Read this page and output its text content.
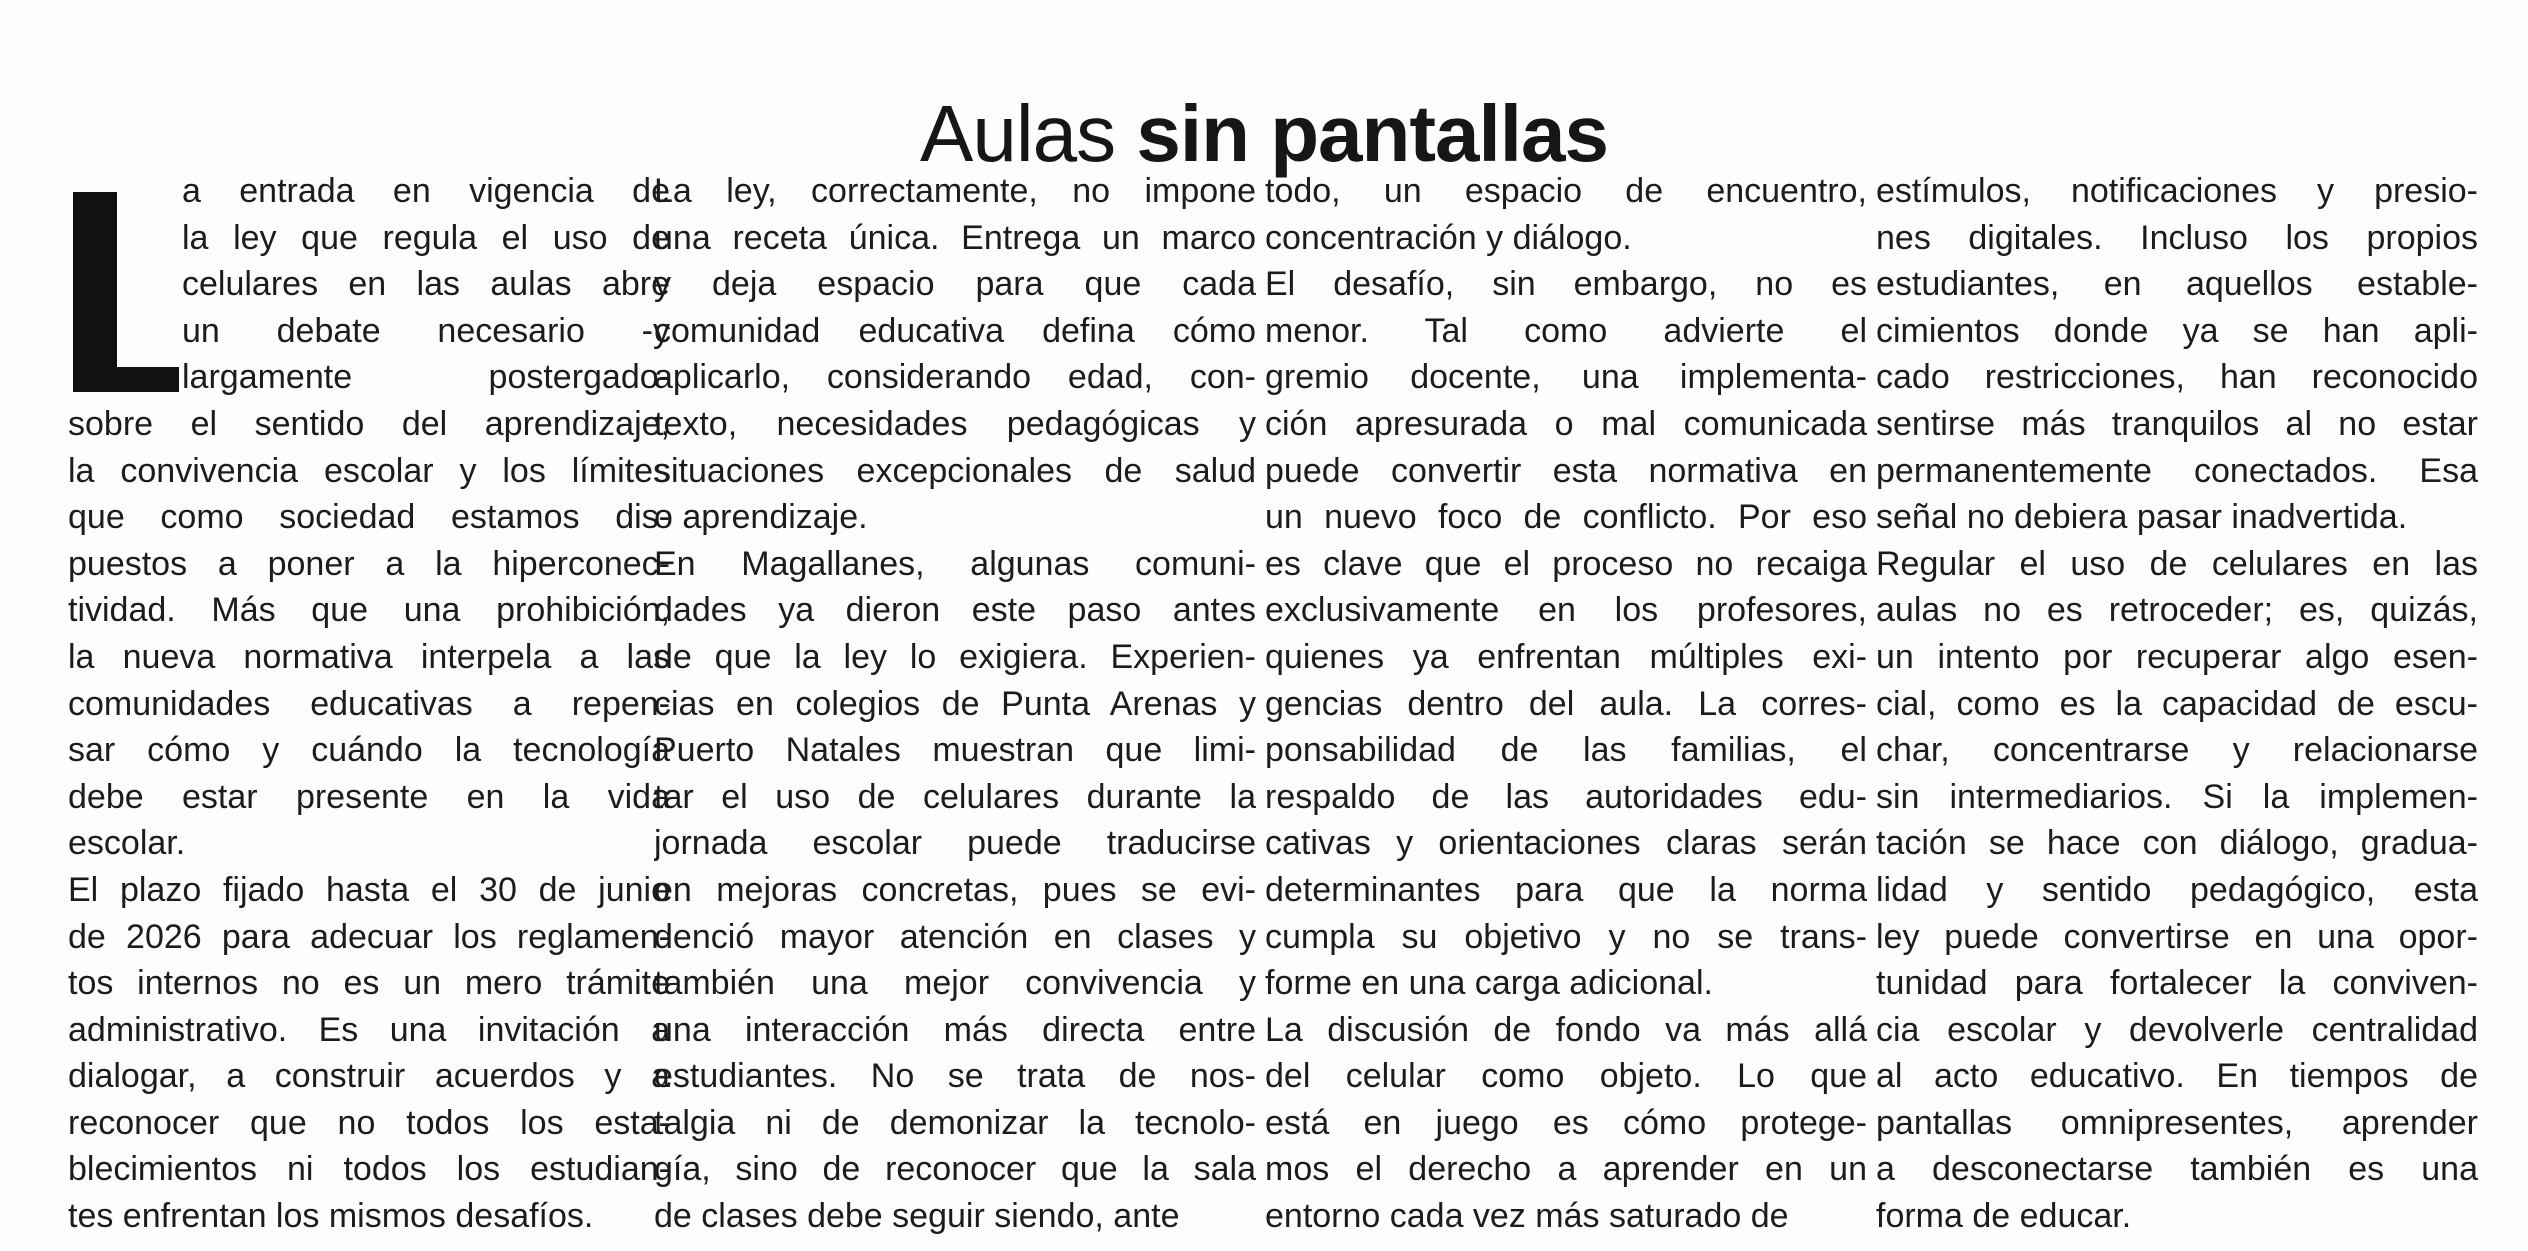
Aulas sin pantallas
a entrada en vigencia de
la ley que regula el uso de
celulares en las aulas abre
un debate necesario -y
largamente postergado-
sobre el sentido del aprendizaje,
la convivencia escolar y los límites
que como sociedad estamos dis-
puestos a poner a la hiperconec-
tividad. Más que una prohibición,
la nueva normativa interpela a las
comunidades educativas a repen-
sar cómo y cuándo la tecnología
debe estar presente en la vida
escolar.
El plazo fijado hasta el 30 de junio
de 2026 para adecuar los reglamen-
tos internos no es un mero trámite
administrativo. Es una invitación a
dialogar, a construir acuerdos y a
reconocer que no todos los esta-
blecimientos ni todos los estudian-
tes enfrentan los mismos desafíos.
La ley, correctamente, no impone
una receta única. Entrega un marco
y deja espacio para que cada
comunidad educativa defina cómo
aplicarlo, considerando edad, con-
texto, necesidades pedagógicas y
situaciones excepcionales de salud
o aprendizaje.
En Magallanes, algunas comuni-
dades ya dieron este paso antes
de que la ley lo exigiera. Experien-
cias en colegios de Punta Arenas y
Puerto Natales muestran que limi-
tar el uso de celulares durante la
jornada escolar puede traducirse
en mejoras concretas, pues se evi-
denció mayor atención en clases y
también una mejor convivencia y
una interacción más directa entre
estudiantes. No se trata de nos-
talgia ni de demonizar la tecnolo-
gía, sino de reconocer que la sala
de clases debe seguir siendo, ante
todo, un espacio de encuentro,
concentración y diálogo.
El desafío, sin embargo, no es
menor. Tal como advierte el
gremio docente, una implementa-
ción apresurada o mal comunicada
puede convertir esta normativa en
un nuevo foco de conflicto. Por eso
es clave que el proceso no recaiga
exclusivamente en los profesores,
quienes ya enfrentan múltiples exi-
gencias dentro del aula. La corres-
ponsabilidad de las familias, el
respaldo de las autoridades edu-
cativas y orientaciones claras serán
determinantes para que la norma
cumpla su objetivo y no se trans-
forme en una carga adicional.
La discusión de fondo va más allá
del celular como objeto. Lo que
está en juego es cómo protege-
mos el derecho a aprender en un
entorno cada vez más saturado de
estímulos, notificaciones y presio-
nes digitales. Incluso los propios
estudiantes, en aquellos estable-
cimientos donde ya se han apli-
cado restricciones, han reconocido
sentirse más tranquilos al no estar
permanentemente conectados. Esa
señal no debiera pasar inadvertida.
Regular el uso de celulares en las
aulas no es retroceder; es, quizás,
un intento por recuperar algo esen-
cial, como es la capacidad de escu-
char, concentrarse y relacionarse
sin intermediarios. Si la implemen-
tación se hace con diálogo, gradua-
lidad y sentido pedagógico, esta
ley puede convertirse en una opor-
tunidad para fortalecer la conviven-
cia escolar y devolverle centralidad
al acto educativo. En tiempos de
pantallas omnipresentes, aprender
a desconectarse también es una
forma de educar.
